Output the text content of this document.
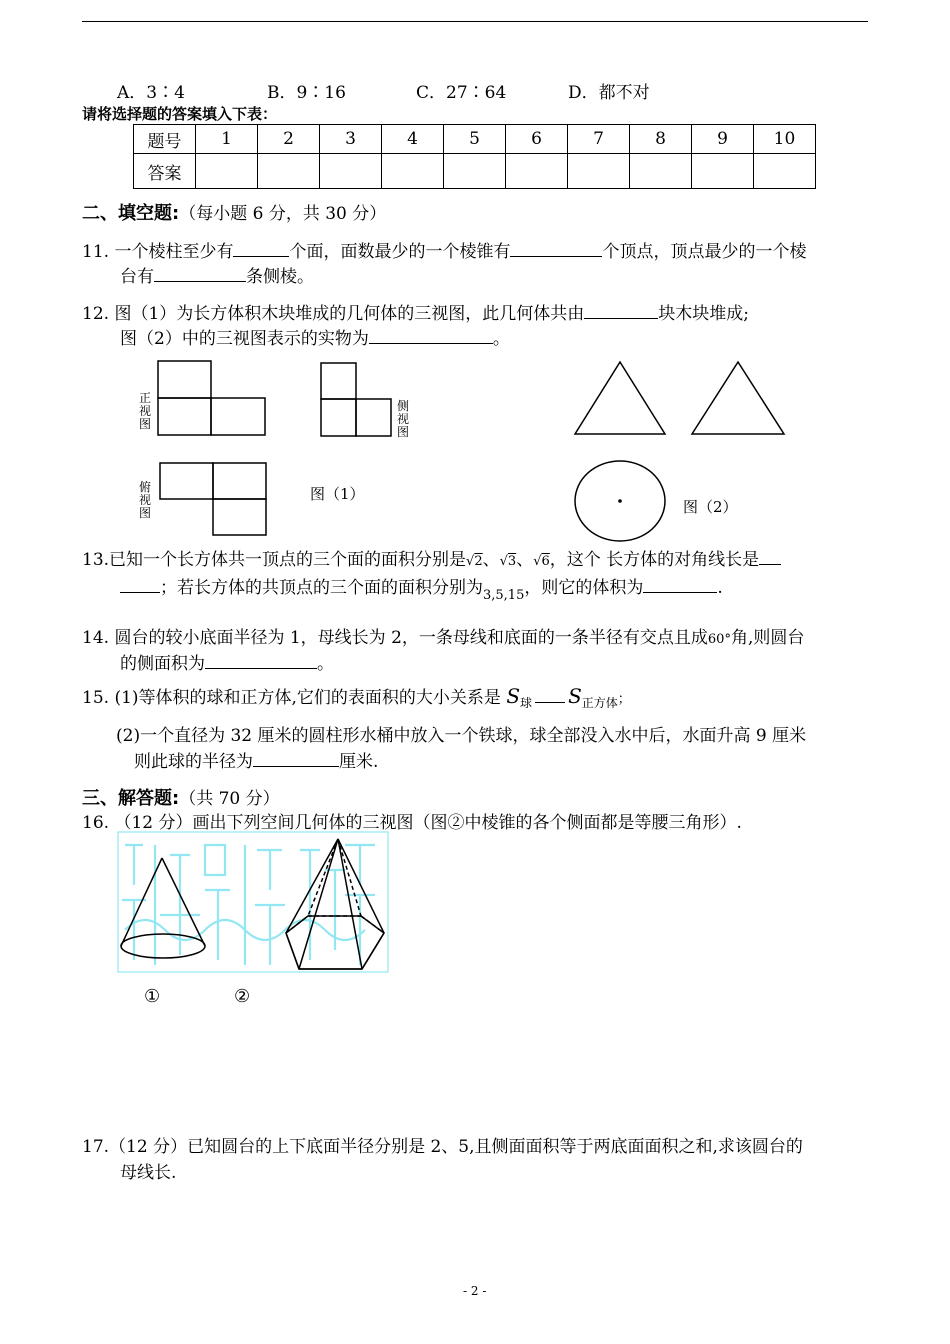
A．3∶4	B．9∶16	C．27∶64	D．都不对
请将选择题的答案填入下表：
题号	1	2	3	4	5	6	7	8	9	10
答案										
二、填空题:（每小题 6 分，共 30 分）
11. 一个棱柱至少有	个面，面数最少的一个棱锥有	个顶点，顶点最少的一个棱
台有	条侧棱。
12. 图（1）为长方体积木块堆成的几何体的三视图，此几何体共由	块木块堆成;
图（2）中的三视图表示的实物为	。
正
视
图
侧
视
图
俯
视
图
图（1）
图（2）
13.已知一个长方体共一顶点的三个面的面积分别是√2、√3、√6，这个 长方体的对角线长是
；若长方体的共顶点的三个面的面积分别为$_{3,5,15}$，则它的体积为	.
14. 圆台的较小底面半径为 1，母线长为 2，一条母线和底面的一条半径有交点且成60°角,则圆台
的侧面积为	。
15. (1)等体积的球和正方体,它们的表面积的大小关系是 $S_球$ $S_{正方体}$；
(2)一个直径为 32 厘米的圆柱形水桶中放入一个铁球，球全部没入水中后，水面升高 9 厘米
则此球的半径为	厘米.
三、解答题:（共 70 分）
16. （12 分）画出下列空间几何体的三视图（图②中棱锥的各个侧面都是等腰三角形）.
①	②
17.（12 分）已知圆台的上下底面半径分别是 2、5,且侧面面积等于两底面面积之和,求该圆台的
母线长.
- 2 -
